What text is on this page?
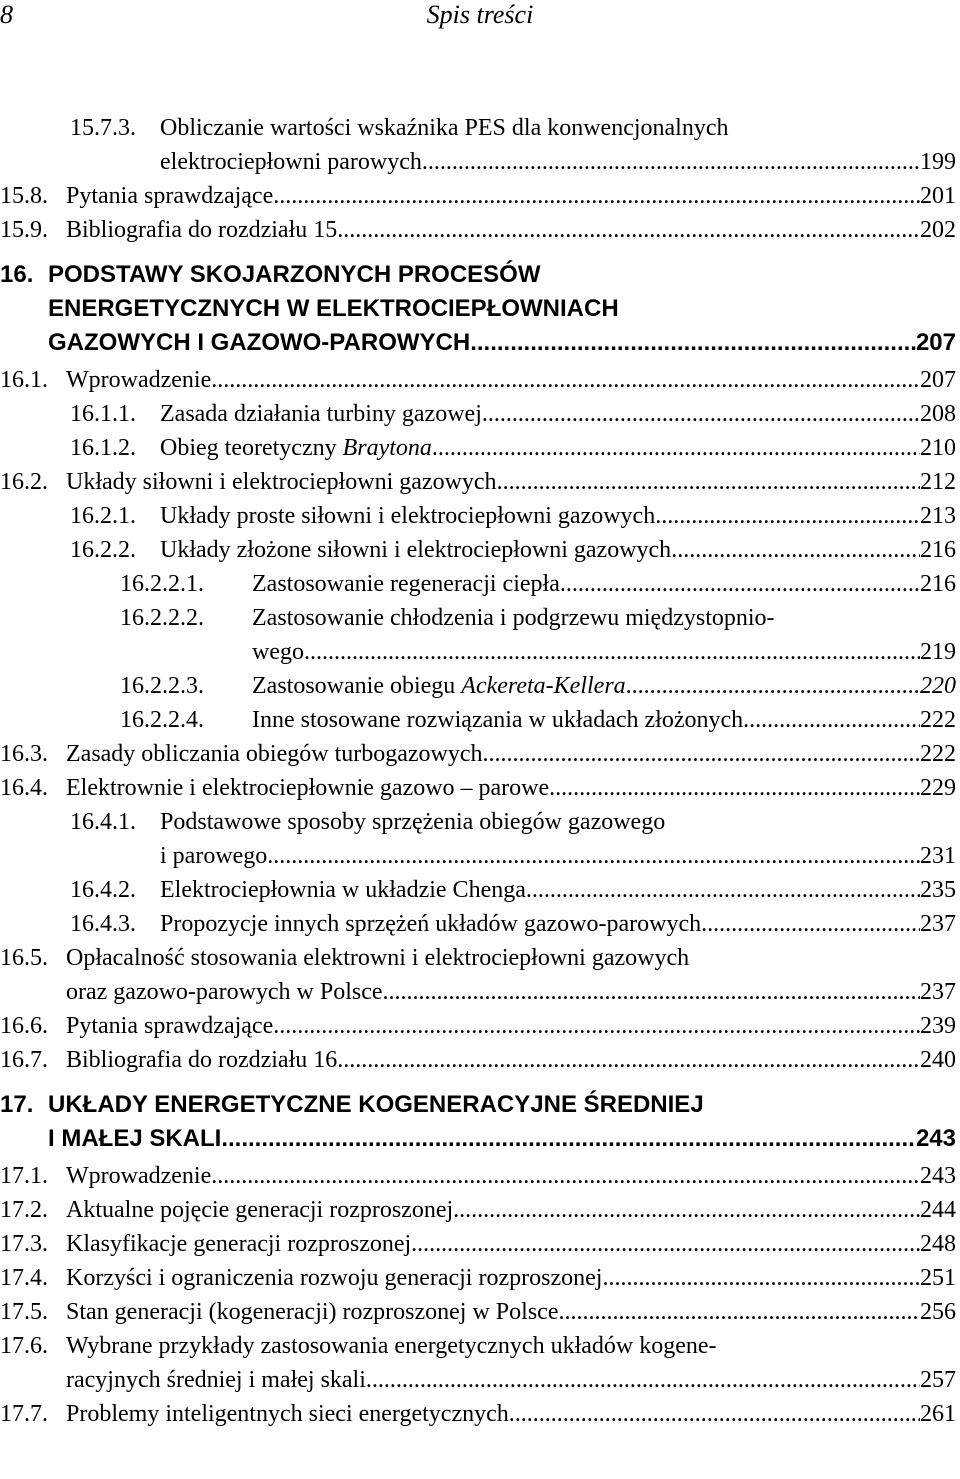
8	Spis treści
15.7.3. Obliczanie wartości wskaźnika PES dla konwencjonalnych
elektrociepłowni parowych .....	199
15.8. Pytania sprawdzające .....	201
15.9. Bibliografia do rozdziału 15. .....	202
16. PODSTAWY SKOJARZONYCH PROCESÓW
ENERGETYCZNYCH W ELEKTROCIEPŁOWNIACH
GAZOWYCH I GAZOWO-PAROWYCH .....	207
16.1. Wprowadzenie .....	207
16.1.1. Zasada działania turbiny gazowej .....	208
16.1.2. Obieg teoretyczny Braytona .....	210
16.2. Układy siłowni i elektrociepłowni gazowych .....	212
16.2.1. Układy proste siłowni i elektrociepłowni gazowych .....	213
16.2.2. Układy złożone siłowni i elektrociepłowni gazowych .....	216
16.2.2.1. Zastosowanie regeneracji ciepła .....	216
16.2.2.2. Zastosowanie chłodzenia i podgrzewu międzystopnio-
wego .....	219
16.2.2.3. Zastosowanie obiegu Ackereta-Kellera .....	220
16.2.2.4. Inne stosowane rozwiązania w układach złożonych .....	222
16.3. Zasady obliczania obiegów turbogazowych .....	222
16.4. Elektrownie i elektrociepłownie gazowo – parowe .....	229
16.4.1. Podstawowe sposoby sprzężenia obiegów gazowego
i parowego .....	231
16.4.2. Elektrociepłownia w układzie Chenga .....	235
16.4.3. Propozycje innych sprzężeń układów gazowo-parowych .....	237
16.5. Opłacalność stosowania elektrowni i elektrociepłowni gazowych
oraz gazowo-parowych w Polsce .....	237
16.6. Pytania sprawdzające .....	239
16.7. Bibliografia do rozdziału 16. .....	240
17. UKŁADY ENERGETYCZNE KOGENERACYJNE ŚREDNIEJ
I MAŁEJ SKALI .....	243
17.1. Wprowadzenie .....	243
17.2. Aktualne pojęcie generacji rozproszonej .....	244
17.3. Klasyfikacje generacji rozproszonej .....	248
17.4. Korzyści i ograniczenia rozwoju generacji rozproszonej .....	251
17.5. Stan generacji (kogeneracji) rozproszonej w Polsce .....	256
17.6. Wybrane przykłady zastosowania energetycznych układów kogene-
racyjnych średniej i małej skali .....	257
17.7. Problemy inteligentnych sieci energetycznych .....	261
